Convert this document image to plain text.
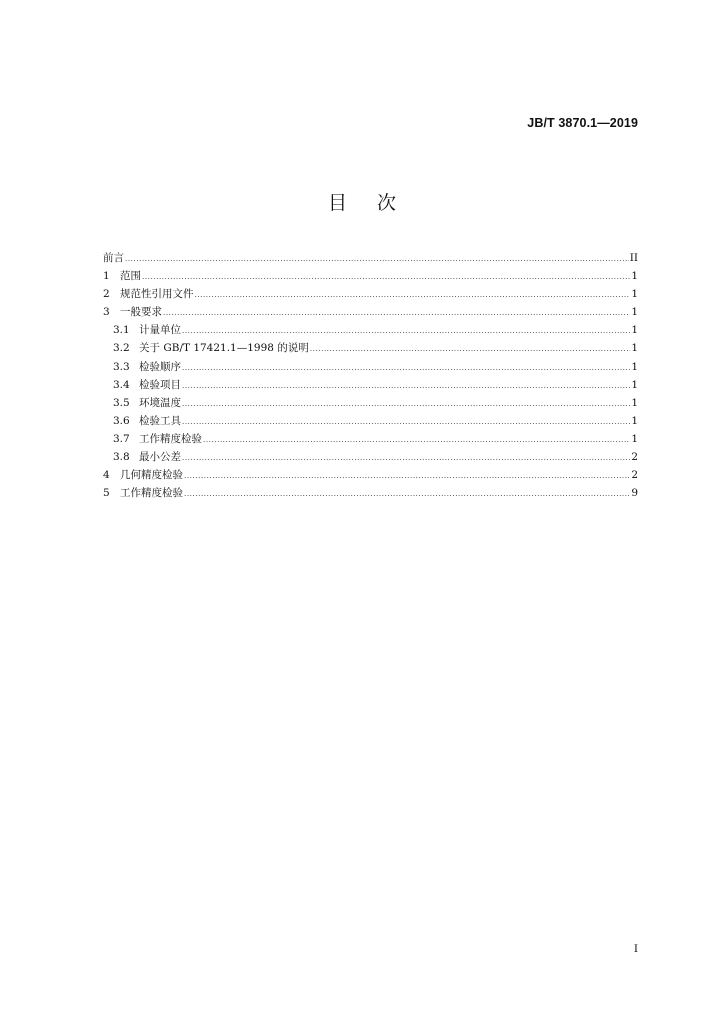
JB/T 3870.1—2019
目次
前言 .....	II
1 范围 .....	1
2 规范性引用文件 .....	1
3 一般要求 .....	1
3.1 计量单位 .....	1
3.2 关于 GB/T 17421.1—1998 的说明 .....	1
3.3 检验顺序 .....	1
3.4 检验项目 .....	1
3.5 环境温度 .....	1
3.6 检验工具 .....	1
3.7 工作精度检验 .....	1
3.8 最小公差 .....	2
4 几何精度检验 .....	2
5 工作精度检验 .....	9
I
